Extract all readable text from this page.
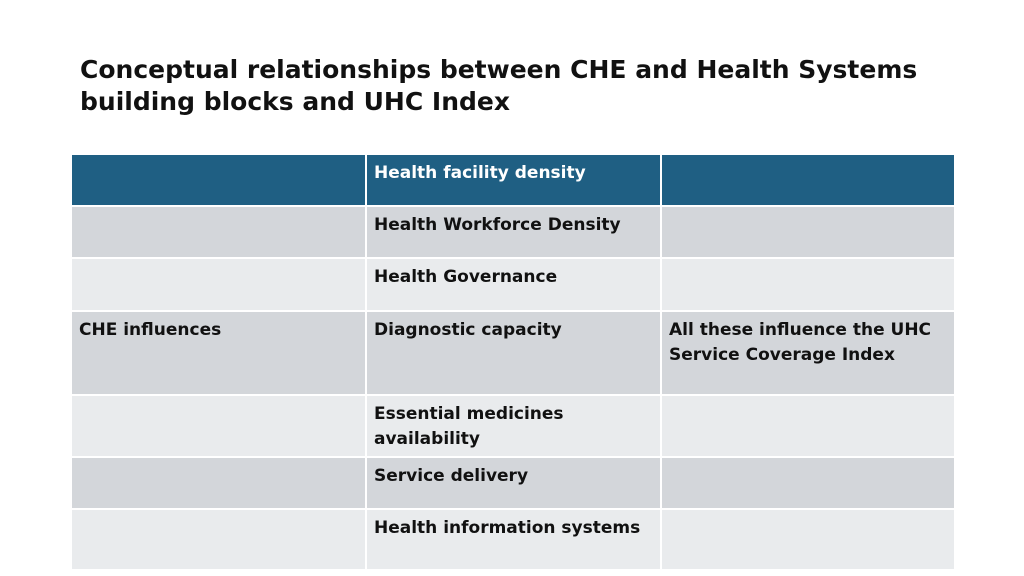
Conceptual relationships between CHE and Health Systems building blocks and UHC Index
	Health facility density	
	Health Workforce Density	
	Health Governance	
CHE influences	Diagnostic capacity	All these influence the UHC Service Coverage Index
	Essential medicines availability	
	Service delivery	
	Health information systems	
